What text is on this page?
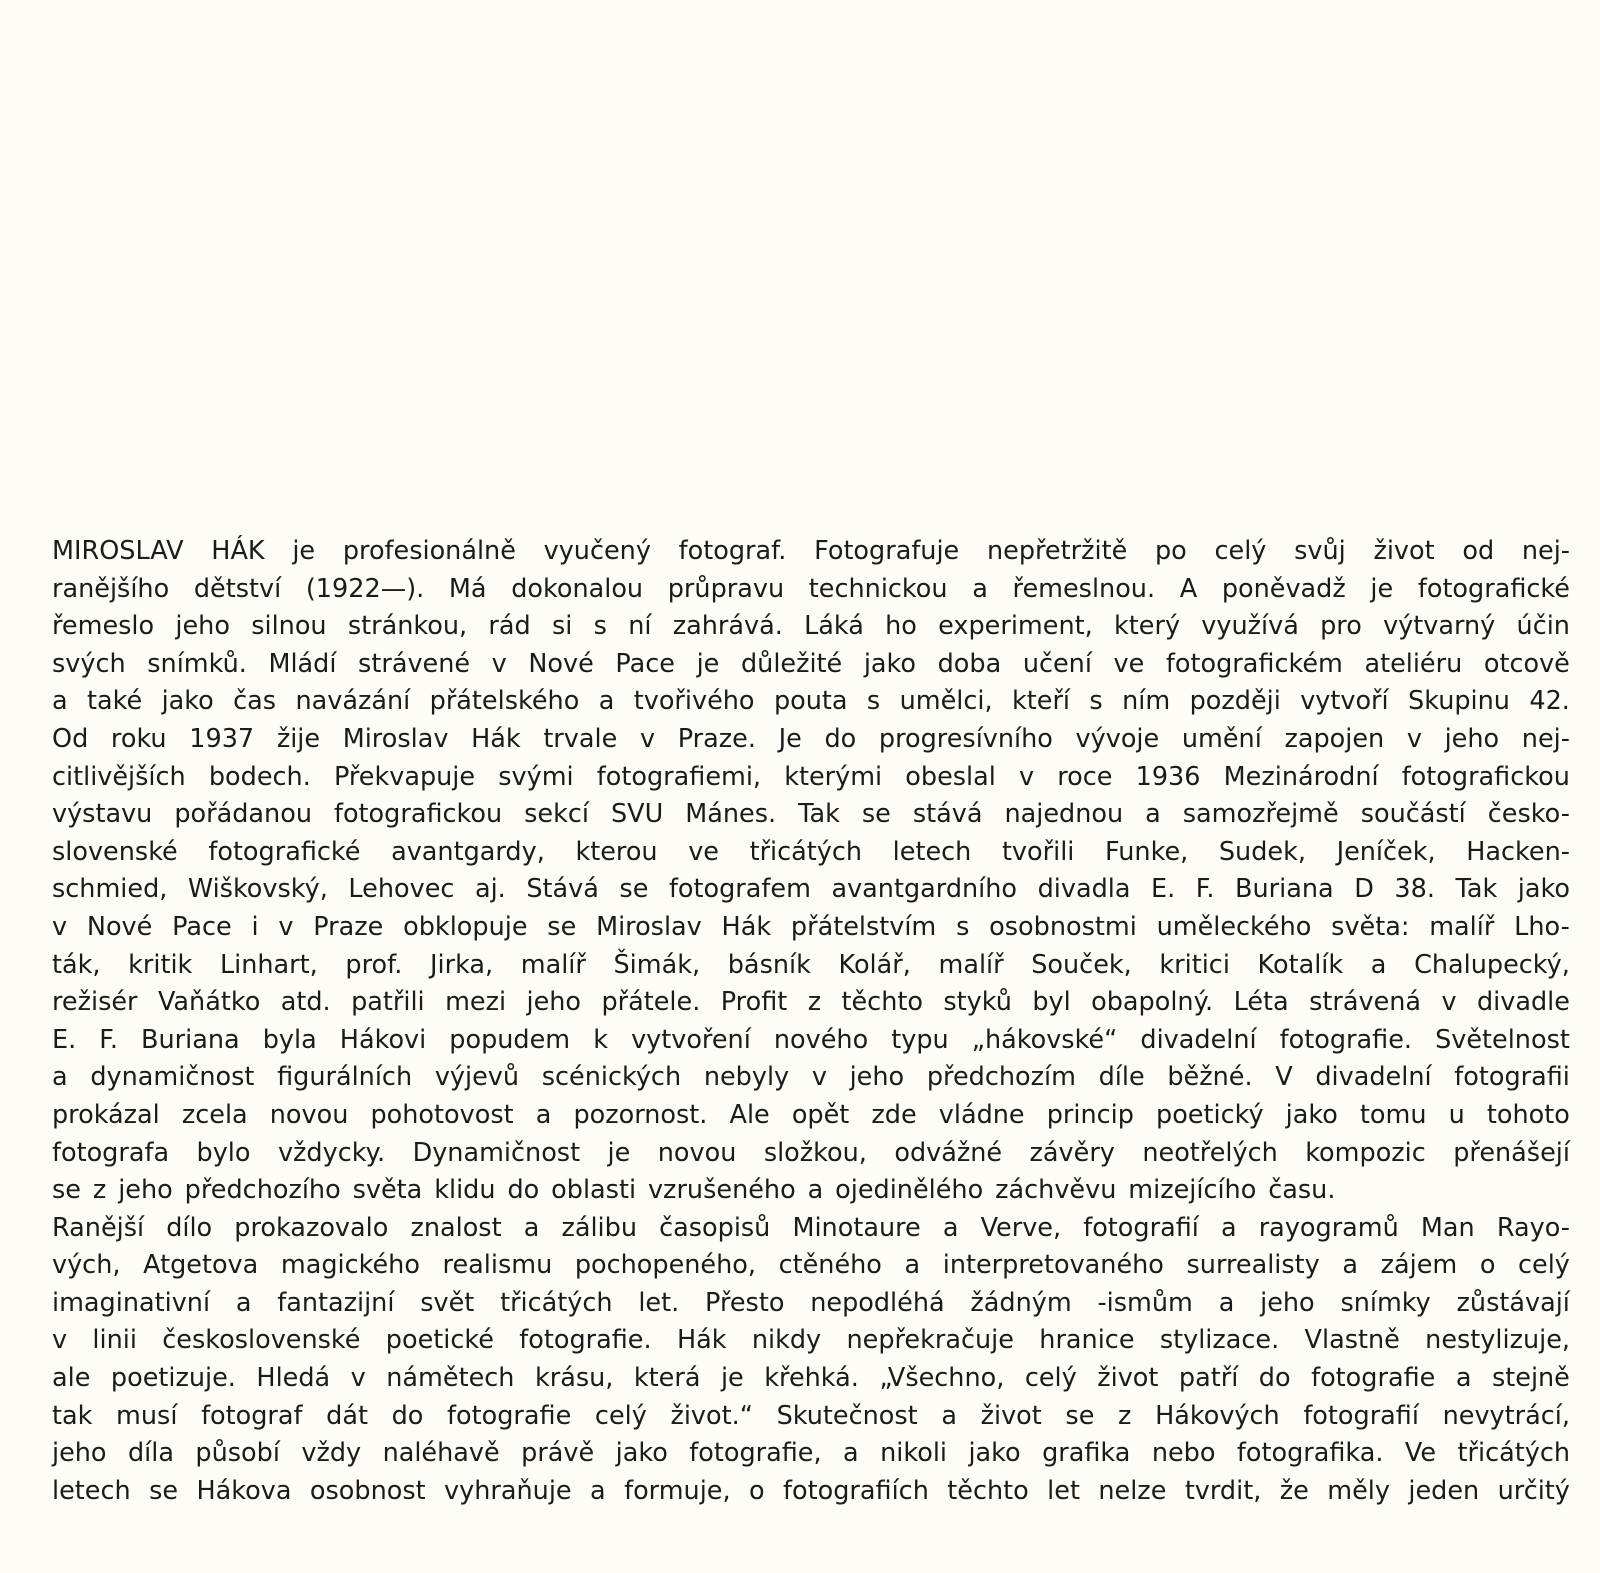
MIROSLAV HÁK je profesionálně vyučený fotograf. Fotografuje nepřetržitě po celý svůj život od nej-
ranějšího dětství (1922—). Má dokonalou průpravu technickou a řemeslnou. A poněvadž je fotografické
řemeslo jeho silnou stránkou, rád si s ní zahrává. Láká ho experiment, který využívá pro výtvarný účin
svých snímků. Mládí strávené v Nové Pace je důležité jako doba učení ve fotografickém ateliéru otcově
a také jako čas navázání přátelského a tvořivého pouta s umělci, kteří s ním později vytvoří Skupinu 42.
Od roku 1937 žije Miroslav Hák trvale v Praze. Je do progresívního vývoje umění zapojen v jeho nej-
citlivějších bodech. Překvapuje svými fotografiemi, kterými obeslal v roce 1936 Mezinárodní fotografickou
výstavu pořádanou fotografickou sekcí SVU Mánes. Tak se stává najednou a samozřejmě součástí česko-
slovenské fotografické avantgardy, kterou ve třicátých letech tvořili Funke, Sudek, Jeníček, Hacken-
schmied, Wiškovský, Lehovec aj. Stává se fotografem avantgardního divadla E. F. Buriana D 38. Tak jako
v Nové Pace i v Praze obklopuje se Miroslav Hák přátelstvím s osobnostmi uměleckého světa: malíř Lho-
ták, kritik Linhart, prof. Jirka, malíř Šimák, básník Kolář, malíř Souček, kritici Kotalík a Chalupecký,
režisér Vaňátko atd. patřili mezi jeho přátele. Profit z těchto styků byl obapolný. Léta strávená v divadle
E. F. Buriana byla Hákovi popudem k vytvoření nového typu „hákovské“ divadelní fotografie. Světelnost
a dynamičnost figurálních výjevů scénických nebyly v jeho předchozím díle běžné. V divadelní fotografii
prokázal zcela novou pohotovost a pozornost. Ale opět zde vládne princip poetický jako tomu u tohoto
fotografa bylo vždycky. Dynamičnost je novou složkou, odvážné závěry neotřelých kompozic přenášejí
se z jeho předchozího světa klidu do oblasti vzrušeného a ojedinělého záchvěvu mizejícího času.
Ranější dílo prokazovalo znalost a zálibu časopisů Minotaure a Verve, fotografií a rayogramů Man Rayo-
vých, Atgetova magického realismu pochopeného, ctěného a interpretovaného surrealisty a zájem o celý
imaginativní a fantazijní svět třicátých let. Přesto nepodléhá žádným -ismům a jeho snímky zůstávají
v linii československé poetické fotografie. Hák nikdy nepřekračuje hranice stylizace. Vlastně nestylizuje,
ale poetizuje. Hledá v námětech krásu, která je křehká. „Všechno, celý život patří do fotografie a stejně
tak musí fotograf dát do fotografie celý život.“ Skutečnost a život se z Hákových fotografií nevytrácí,
jeho díla působí vždy naléhavě právě jako fotografie, a nikoli jako grafika nebo fotografika. Ve třicátých
letech se Hákova osobnost vyhraňuje a formuje, o fotografiích těchto let nelze tvrdit, že měly jeden určitý
